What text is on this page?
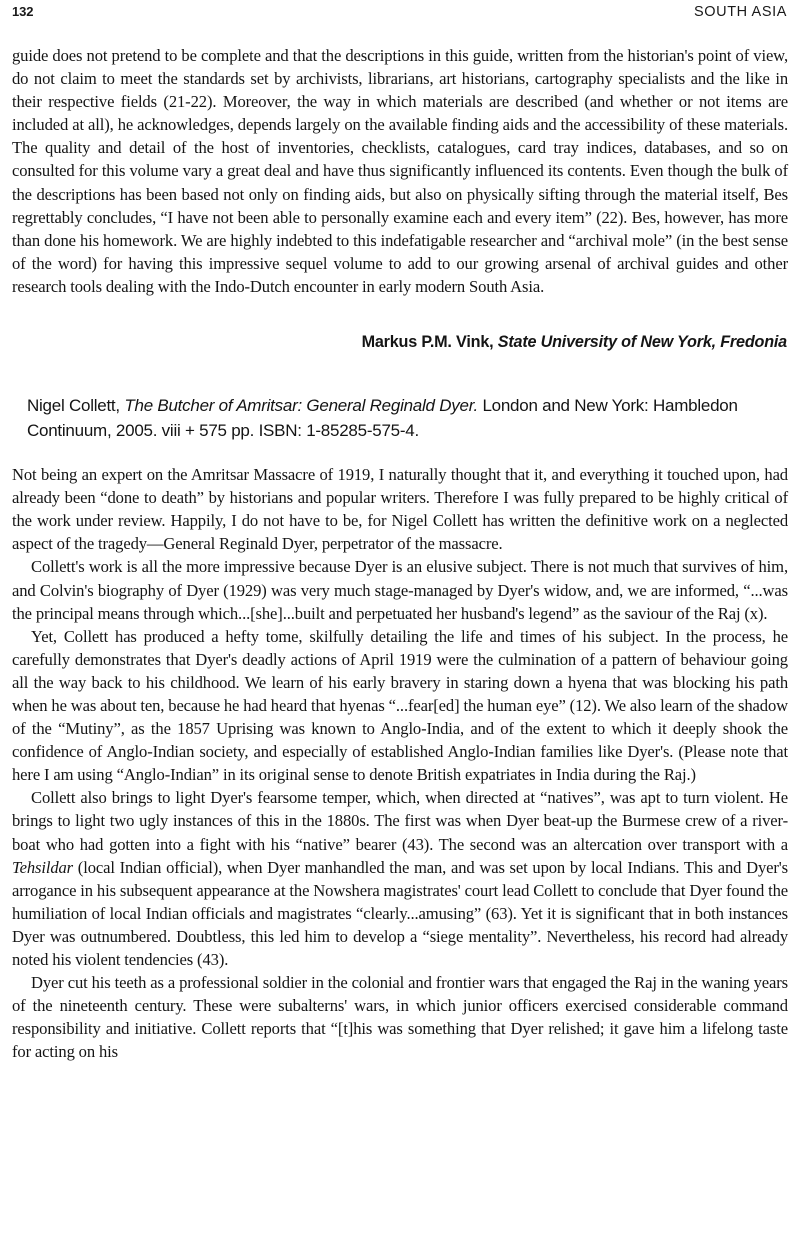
132	SOUTH ASIA

guide does not pretend to be complete and that the descriptions in this guide, written from the historian's point of view, do not claim to meet the standards set by archivists, librarians, art historians, cartography specialists and the like in their respective fields (21-22). Moreover, the way in which materials are described (and whether or not items are included at all), he acknowledges, depends largely on the available finding aids and the accessibility of these materials. The quality and detail of the host of inventories, checklists, catalogues, card tray indices, databases, and so on consulted for this volume vary a great deal and have thus significantly influenced its contents. Even though the bulk of the descriptions has been based not only on finding aids, but also on physically sifting through the material itself, Bes regrettably concludes, “I have not been able to personally examine each and every item” (22). Bes, however, has more than done his homework. We are highly indebted to this indefatigable researcher and “archival mole” (in the best sense of the word) for having this impressive sequel volume to add to our growing arsenal of archival guides and other research tools dealing with the Indo-Dutch encounter in early modern South Asia.

Markus P.M. Vink, State University of New York, Fredonia
Nigel Collett, The Butcher of Amritsar: General Reginald Dyer. London and New York: Hambledon Continuum, 2005. viii + 575 pp. ISBN: 1-85285-575-4.

Not being an expert on the Amritsar Massacre of 1919, I naturally thought that it, and everything it touched upon, had already been “done to death” by historians and popular writers. Therefore I was fully prepared to be highly critical of the work under review. Happily, I do not have to be, for Nigel Collett has written the definitive work on a neglected aspect of the tragedy—General Reginald Dyer, perpetrator of the massacre.

Collett's work is all the more impressive because Dyer is an elusive subject. There is not much that survives of him, and Colvin's biography of Dyer (1929) was very much stage-managed by Dyer's widow, and, we are informed, “...was the principal means through which...[she]...built and perpetuated her husband's legend” as the saviour of the Raj (x).

Yet, Collett has produced a hefty tome, skilfully detailing the life and times of his subject. In the process, he carefully demonstrates that Dyer's deadly actions of April 1919 were the culmination of a pattern of behaviour going all the way back to his childhood. We learn of his early bravery in staring down a hyena that was blocking his path when he was about ten, because he had heard that hyenas “...fear[ed] the human eye” (12). We also learn of the shadow of the “Mutiny”, as the 1857 Uprising was known to Anglo-India, and of the extent to which it deeply shook the confidence of Anglo-Indian society, and especially of established Anglo-Indian families like Dyer's. (Please note that here I am using “Anglo-Indian” in its original sense to denote British expatriates in India during the Raj.)

Collett also brings to light Dyer's fearsome temper, which, when directed at “natives”, was apt to turn violent. He brings to light two ugly instances of this in the 1880s. The first was when Dyer beat-up the Burmese crew of a river-boat who had gotten into a fight with his “native” bearer (43). The second was an altercation over transport with a Tehsildar (local Indian official), when Dyer manhandled the man, and was set upon by local Indians. This and Dyer's arrogance in his subsequent appearance at the Nowshera magistrates' court lead Collett to conclude that Dyer found the humiliation of local Indian officials and magistrates “clearly...amusing” (63). Yet it is significant that in both instances Dyer was outnumbered. Doubtless, this led him to develop a “siege mentality”. Nevertheless, his record had already noted his violent tendencies (43).

Dyer cut his teeth as a professional soldier in the colonial and frontier wars that engaged the Raj in the waning years of the nineteenth century. These were subalterns' wars, in which junior officers exercised considerable command responsibility and initiative. Collett reports that “[t]his was something that Dyer relished; it gave him a lifelong taste for acting on his
